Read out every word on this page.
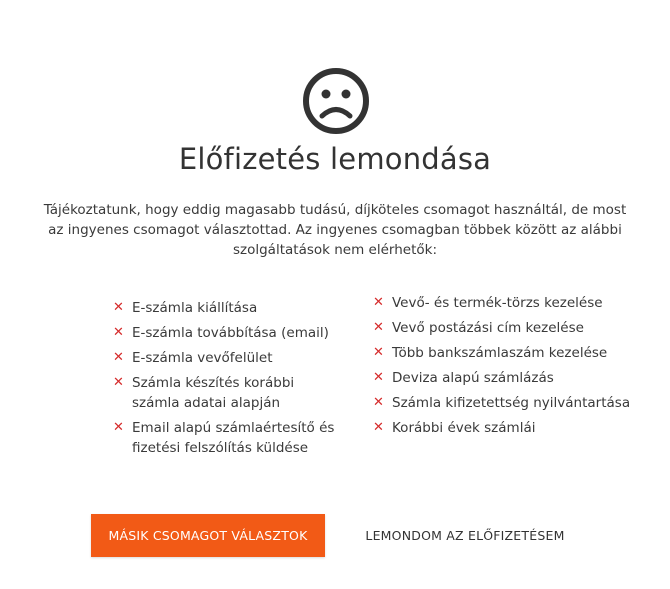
Előfizetés lemondása

Tájékoztatunk, hogy eddig magasabb tudású, díjköteles csomagot használtál, de most az ingyenes csomagot választottad. Az ingyenes csomagban többek között az alábbi szolgáltatások nem elérhetők:

✕ E-számla kiállítása
✕ E-számla továbbítása (email)
✕ E-számla vevőfelület
✕ Számla készítés korábbi számla adatai alapján
✕ Email alapú számlaértesítő és fizetési felszólítás küldése
✕ Vevő- és termék-törzs kezelése
✕ Vevő postázási cím kezelése
✕ Több bankszámlaszám kezelése
✕ Deviza alapú számlázás
✕ Számla kifizetettség nyilvántartása
✕ Korábbi évek számlái
MÁSIK CSOMAGOT VÁLASZTOK	LEMONDOM AZ ELŐFIZETÉSEM
